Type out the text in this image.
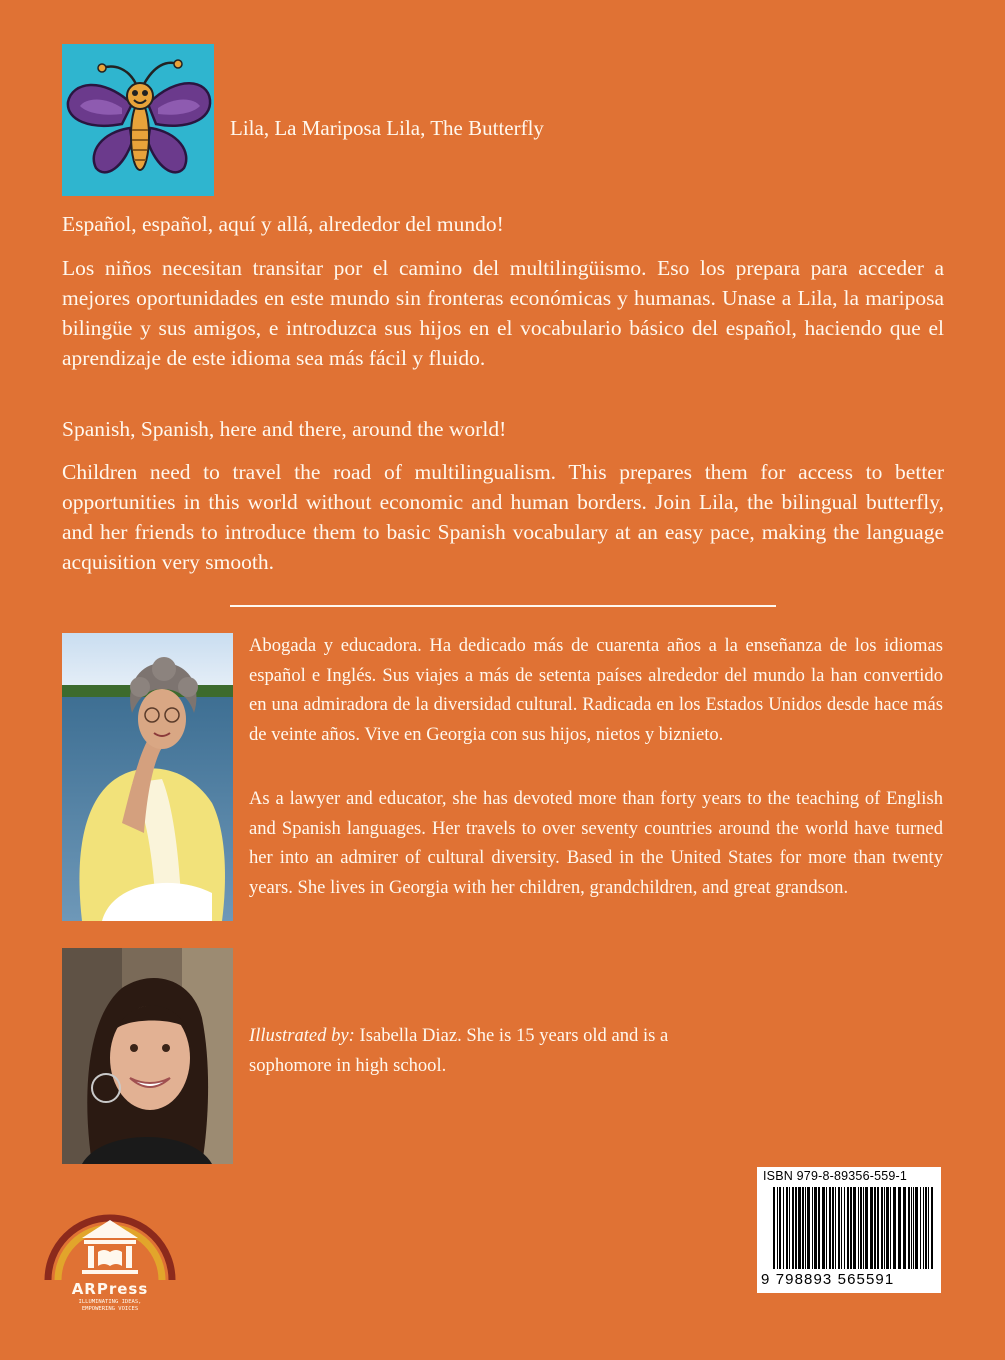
Lila, La Mariposa Lila, The Butterfly

Español, español, aquí y allá, alrededor del mundo!

Los niños necesitan transitar por el camino del multilingüismo. Eso los prepara para acceder a mejores oportunidades en este mundo sin fronteras económicas y humanas. Unase a Lila, la mariposa bilingüe y sus amigos, e introduzca sus hijos en el vocabulario básico del español, haciendo que el aprendizaje de este idioma sea más fácil y fluido.

Spanish, Spanish, here and there, around the world!

Children need to travel the road of multilingualism. This prepares them for access to better opportunities in this world without economic and human borders. Join Lila, the bilingual butterfly, and her friends to introduce them to basic Spanish vocabulary at an easy pace, making the language acquisition very smooth.

Abogada y educadora. Ha dedicado más de cuarenta años a la enseñanza de los idiomas español e Inglés. Sus viajes a más de setenta países alrededor del mundo la han convertido en una admiradora de la diversidad cultural. Radicada en los Estados Unidos desde hace más de veinte años. Vive en Georgia con sus hijos, nietos y biznieto.

As a lawyer and educator, she has devoted more than forty years to the teaching of English and Spanish languages. Her travels to over seventy countries around the world have turned her into an admirer of cultural diversity. Based in the United States for more than twenty years. She lives in Georgia with her children, grandchildren, and great grandson.

Illustrated by: Isabella Diaz. She is 15 years old and is a sophomore in high school.

ARPress
ILLUMINATING IDEAS,
EMPOWERING VOICES
ISBN 979-8-89356-559-1
9 798893 565591
